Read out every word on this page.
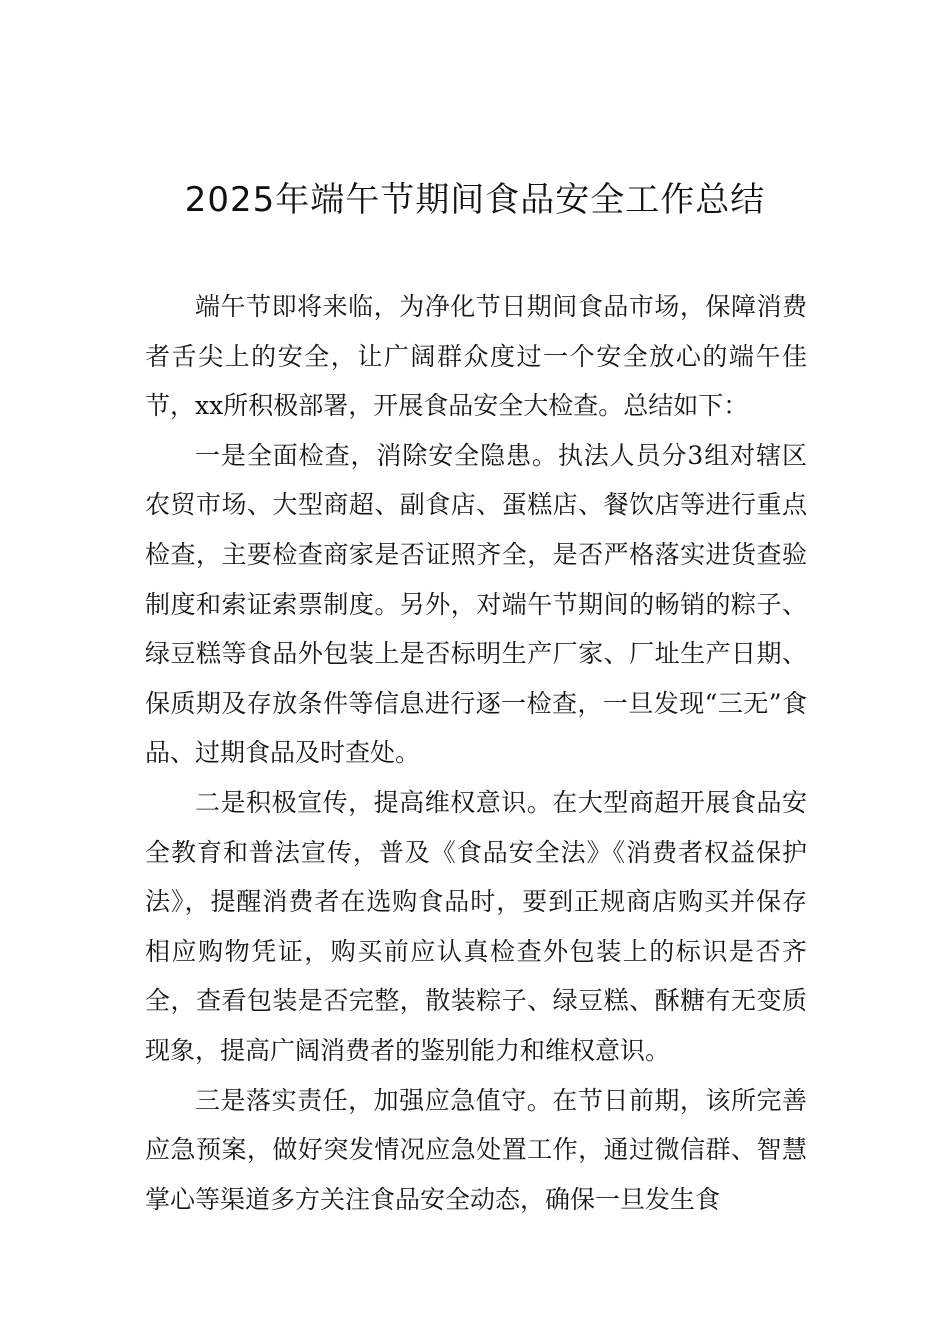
2025年端午节期间食品安全工作总结

端午节即将来临，为净化节日期间食品市场，保障消费者舌尖上的安全，让广阔群众度过一个安全放心的端午佳节，xx所积极部署，开展食品安全大检查。总结如下：

一是全面检查，消除安全隐患。执法人员分3组对辖区农贸市场、大型商超、副食店、蛋糕店、餐饮店等进行重点检查，主要检查商家是否证照齐全，是否严格落实进货查验制度和索证索票制度。另外，对端午节期间的畅销的粽子、绿豆糕等食品外包装上是否标明生产厂家、厂址生产日期、保质期及存放条件等信息进行逐一检查，一旦发现“三无”食品、过期食品及时查处。

二是积极宣传，提高维权意识。在大型商超开展食品安全教育和普法宣传，普及《食品安全法》《消费者权益保护法》，提醒消费者在选购食品时，要到正规商店购买并保存相应购物凭证，购买前应认真检查外包装上的标识是否齐全，查看包装是否完整，散装粽子、绿豆糕、酥糖有无变质现象，提高广阔消费者的鉴别能力和维权意识。

三是落实责任，加强应急值守。在节日前期，该所完善应急预案，做好突发情况应急处置工作，通过微信群、智慧掌心等渠道多方关注食品安全动态，确保一旦发生食
